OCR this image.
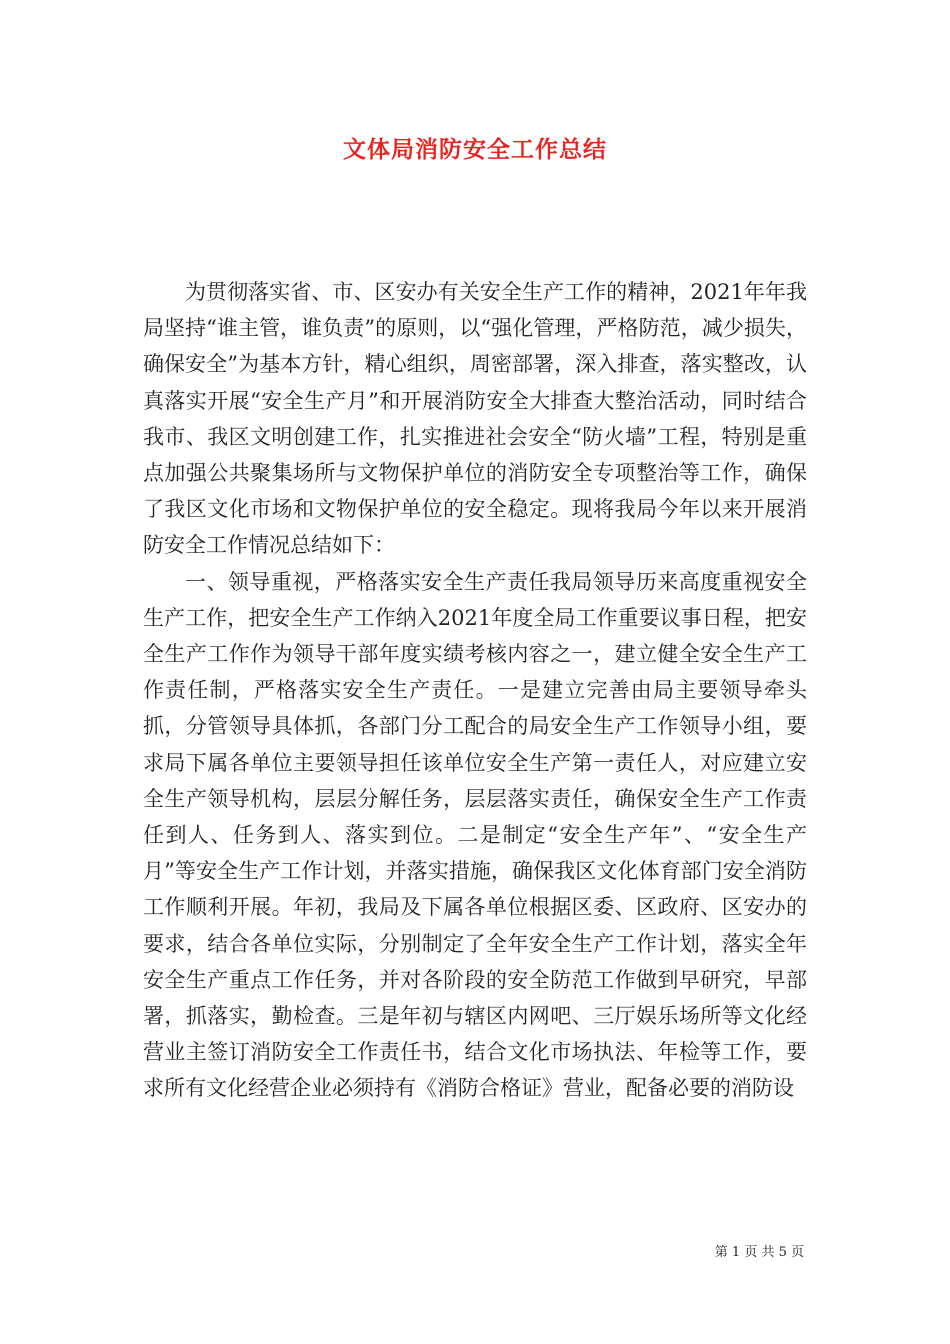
文体局消防安全工作总结

为贯彻落实省、市、区安办有关安全生产工作的精神，2021年年我局坚持“谁主管，谁负责”的原则，以“强化管理，严格防范，减少损失，确保安全”为基本方针，精心组织，周密部署，深入排查，落实整改，认真落实开展“安全生产月”和开展消防安全大排查大整治活动，同时结合我市、我区文明创建工作，扎实推进社会安全“防火墙”工程，特别是重点加强公共聚集场所与文物保护单位的消防安全专项整治等工作，确保了我区文化市场和文物保护单位的安全稳定。现将我局今年以来开展消防安全工作情况总结如下：

一、领导重视，严格落实安全生产责任我局领导历来高度重视安全生产工作，把安全生产工作纳入2021年度全局工作重要议事日程，把安全生产工作作为领导干部年度实绩考核内容之一，建立健全安全生产工作责任制，严格落实安全生产责任。一是建立完善由局主要领导牵头抓，分管领导具体抓，各部门分工配合的局安全生产工作领导小组，要求局下属各单位主要领导担任该单位安全生产第一责任人，对应建立安全生产领导机构，层层分解任务，层层落实责任，确保安全生产工作责任到人、任务到人、落实到位。二是制定“安全生产年”、“安全生产月”等安全生产工作计划，并落实措施，确保我区文化体育部门安全消防工作顺利开展。年初，我局及下属各单位根据区委、区政府、区安办的要求，结合各单位实际，分别制定了全年安全生产工作计划，落实全年安全生产重点工作任务，并对各阶段的安全防范工作做到早研究，早部署，抓落实，勤检查。三是年初与辖区内网吧、三厅娱乐场所等文化经营业主签订消防安全工作责任书，结合文化市场执法、年检等工作，要求所有文化经营企业必须持有《消防合格证》营业，配备必要的消防设

第 1 页 共 5 页
